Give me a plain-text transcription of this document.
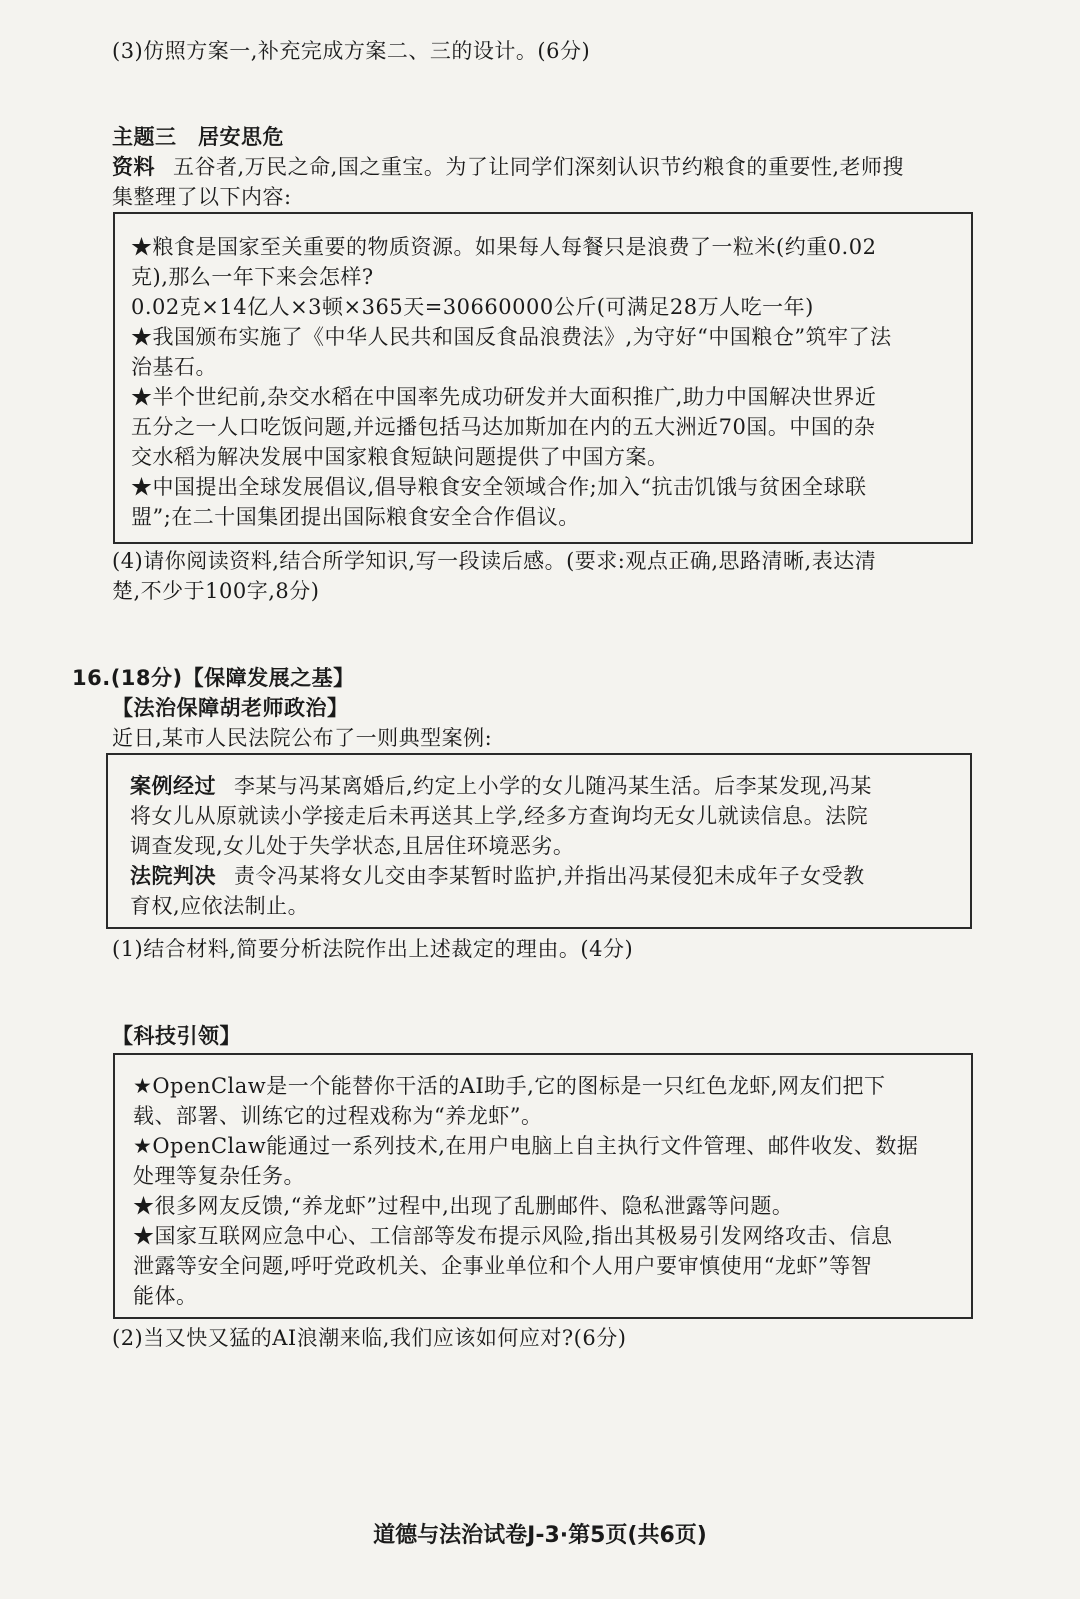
(3)仿照方案一,补充完成方案二、三的设计。(6分)
主题三　居安思危
资料 五谷者,万民之命,国之重宝。为了让同学们深刻认识节约粮食的重要性,老师搜
集整理了以下内容:
★粮食是国家至关重要的物质资源。如果每人每餐只是浪费了一粒米(约重0.02
克),那么一年下来会怎样?
0.02克×14亿人×3顿×365天=30660000公斤(可满足28万人吃一年)
★我国颁布实施了《中华人民共和国反食品浪费法》,为守好“中国粮仓”筑牢了法
治基石。
★半个世纪前,杂交水稻在中国率先成功研发并大面积推广,助力中国解决世界近
五分之一人口吃饭问题,并远播包括马达加斯加在内的五大洲近70国。中国的杂
交水稻为解决发展中国家粮食短缺问题提供了中国方案。
★中国提出全球发展倡议,倡导粮食安全领域合作;加入“抗击饥饿与贫困全球联
盟”;在二十国集团提出国际粮食安全合作倡议。
(4)请你阅读资料,结合所学知识,写一段读后感。(要求:观点正确,思路清晰,表达清
楚,不少于100字,8分)
16.(18分)【保障发展之基】
【法治保障胡老师政治】
近日,某市人民法院公布了一则典型案例:
案例经过 李某与冯某离婚后,约定上小学的女儿随冯某生活。后李某发现,冯某
将女儿从原就读小学接走后未再送其上学,经多方查询均无女儿就读信息。法院
调查发现,女儿处于失学状态,且居住环境恶劣。
法院判决 责令冯某将女儿交由李某暂时监护,并指出冯某侵犯未成年子女受教
育权,应依法制止。
(1)结合材料,简要分析法院作出上述裁定的理由。(4分)
【科技引领】
★OpenClaw是一个能替你干活的AI助手,它的图标是一只红色龙虾,网友们把下
载、部署、训练它的过程戏称为“养龙虾”。
★OpenClaw能通过一系列技术,在用户电脑上自主执行文件管理、邮件收发、数据
处理等复杂任务。
★很多网友反馈,“养龙虾”过程中,出现了乱删邮件、隐私泄露等问题。
★国家互联网应急中心、工信部等发布提示风险,指出其极易引发网络攻击、信息
泄露等安全问题,呼吁党政机关、企事业单位和个人用户要审慎使用“龙虾”等智
能体。
(2)当又快又猛的AI浪潮来临,我们应该如何应对?(6分)
道德与法治试卷J-3·第5页(共6页)
